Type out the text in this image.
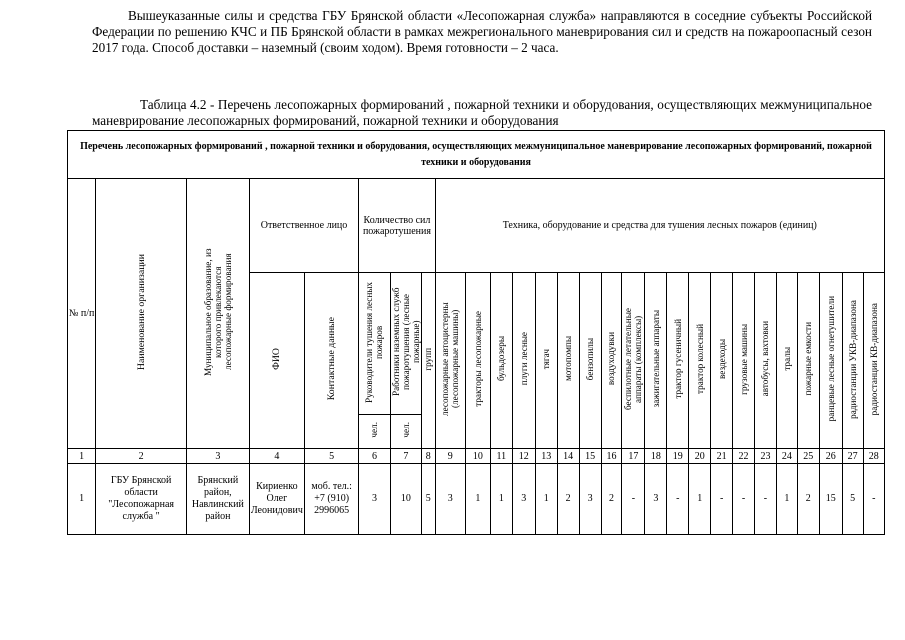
Вышеуказанные силы и средства ГБУ Брянской области «Лесопожарная служба» направляются в соседние субъекты Российской Федерации по решению КЧС и ПБ Брянской области в рамках межрегионального маневрирования сил и средств на пожароопасный сезон 2017 года. Способ доставки – наземный (своим ходом). Время готовности – 2 часа.
Таблица 4.2 - Перечень лесопожарных формирований , пожарной техники и оборудования, осуществляющих межмуниципальное маневрирование лесопожарных формирований, пожарной техники и оборудования
Перечень лесопожарных формирований , пожарной техники и оборудования, осуществляющих межмуниципальное маневрирование лесопожарных формирований, пожарной техники и оборудования																											
№ п/п	Наименование организации	Муниципальное образование, из которого привлекаются лесопожарные формирования	Ответственное лицо		Количество сил пожаротушения			Техника, оборудование и средства для тушения лесных пожаров (единиц)																			
			ФИО	Контактные данные	Руководители тушения лесных пожаров	Работники наземных служб пожаротушения (лесные пожарные)	групп	лесопожарные автоцистерны (лесопожарные машины)	тракторы лесопожарные	бульдозеры	плуги лесные	тягач	мотопомпы	бензопилы	воздуходувки	беспилотные летательные аппараты (комплексы)	зажигательные аппараты	трактор гусеничный	трактор колесный	вездеходы	грузовые машины	автобусы, вахтовки	тралы	пожарные емкости	ранцевые лесные огнетушители	радиостанции УКВ-диапазона	радиостанции КВ-диапазона
					чел.	чел.																					
1	2	3	4	5	6	7	8	9	10	11	12	13	14	15	16	17	18	19	20	21	22	23	24	25	26	27	28
1	ГБУ Брянской области "Лесопожарная служба "	Брянский район, Навлинский район	Кириенко Олег Леонидович	моб. тел.: +7 (910) 2996065	3	10	5	3	1	1	3	1	2	3	2	-	3	-	1	-	-	-	1	2	15	5	-
